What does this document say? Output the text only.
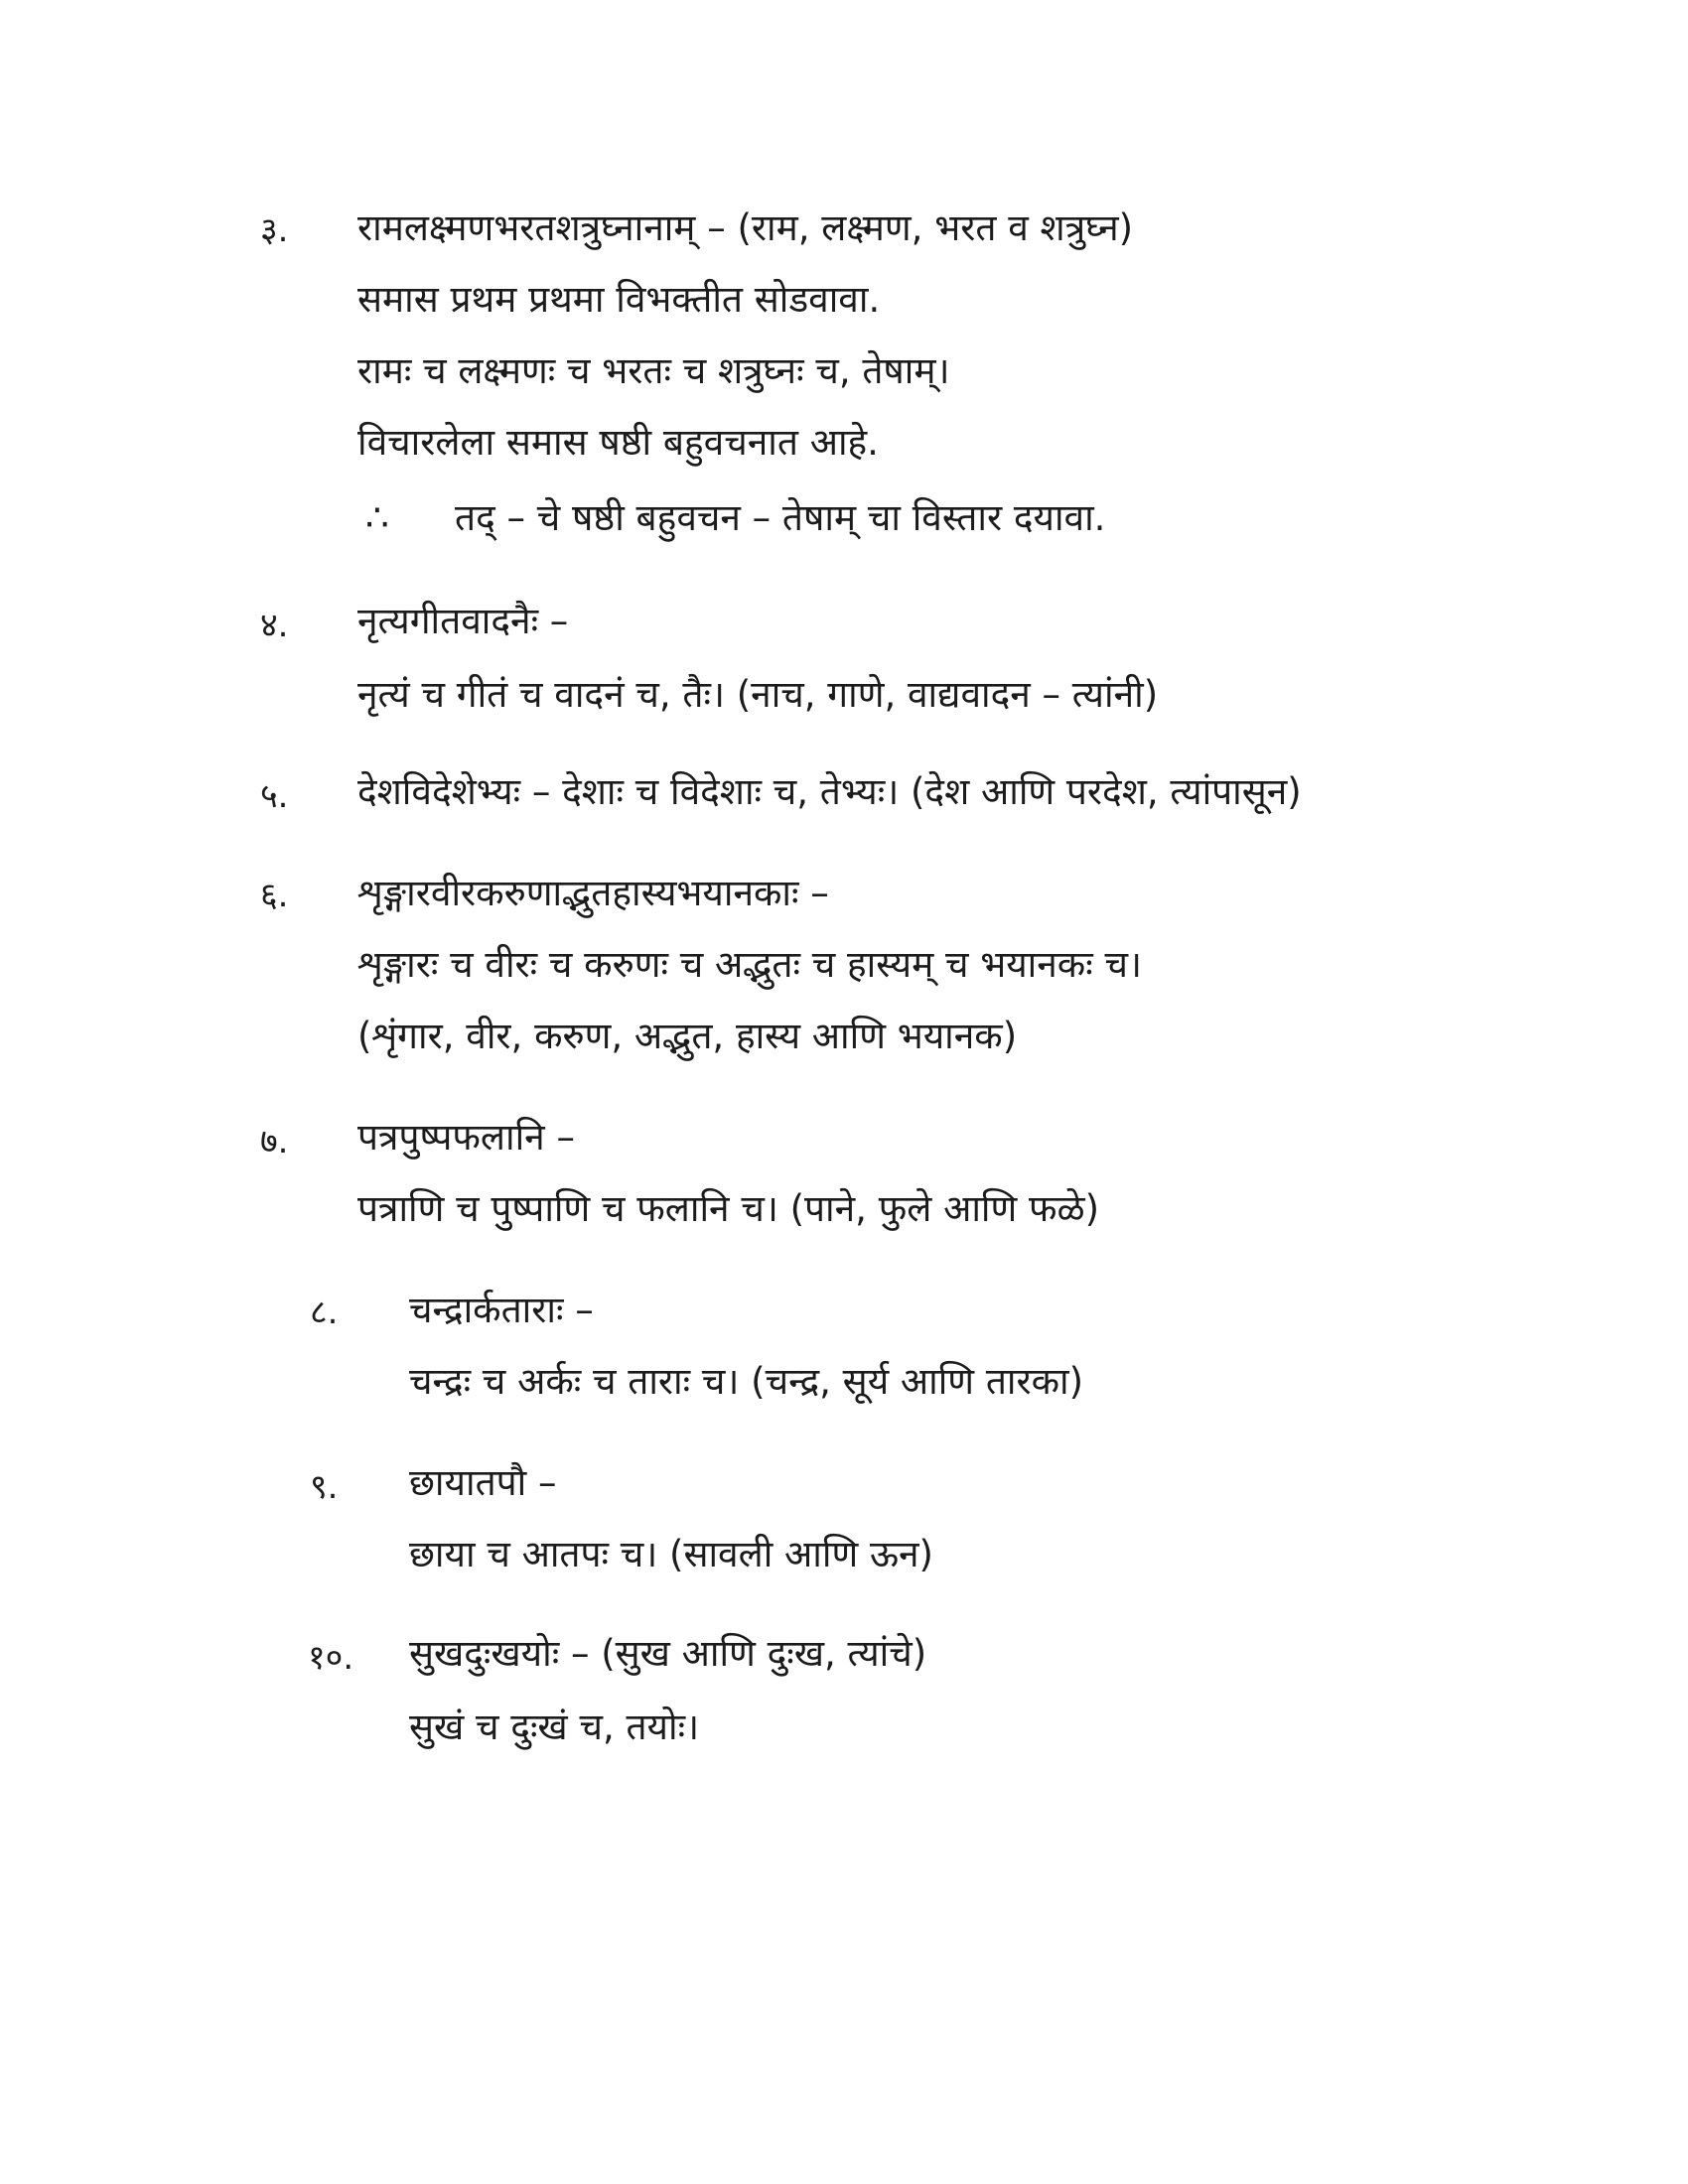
३. रामलक्ष्मणभरतशत्रुघ्नानाम् – (राम, लक्ष्मण, भरत व शत्रुघ्न)
समास प्रथम प्रथमा विभक्तीत सोडवावा.
रामः च लक्ष्मणः च भरतः च शत्रुघ्नः च, तेषाम्।
विचारलेला समास षष्ठी बहुवचनात आहे.
∴ तद् – चे षष्ठी बहुवचन – तेषाम् चा विस्तार दयावा.
४. नृत्यगीतवादनैः –
नृत्यं च गीतं च वादनं च, तैः। (नाच, गाणे, वाद्यवादन – त्यांनी)
५. देशविदेशेभ्यः – देशाः च विदेशाः च, तेभ्यः। (देश आणि परदेश, त्यांपासून)
६. शृङ्गारवीरकरुणाद्भुतहास्यभयानकाः –
शृङ्गारः च वीरः च करुणः च अद्भुतः च हास्यम् च भयानकः च।
(शृंगार, वीर, करुण, अद्भुत, हास्य आणि भयानक)
७. पत्रपुष्पफलानि –
पत्राणि च पुष्पाणि च फलानि च। (पाने, फुले आणि फळे)
८. चन्द्रार्कताराः –
चन्द्रः च अर्कः च ताराः च। (चन्द्र, सूर्य आणि तारका)
९. छायातपौ –
छाया च आतपः च। (सावली आणि ऊन)
१०. सुखदुःखयोः – (सुख आणि दुःख, त्यांचे)
सुखं च दुःखं च, तयोः।
